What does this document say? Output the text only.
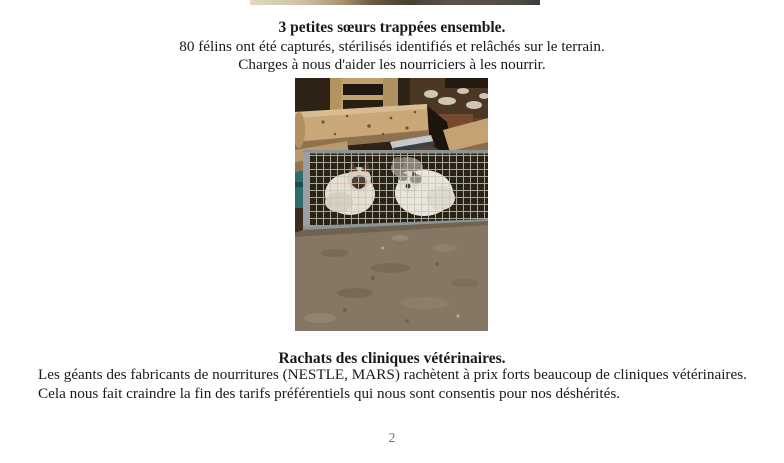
3 petites sœurs trappées ensemble.
80 félins ont été capturés, stérilisés identifiés et relâchés sur le terrain.
Charges à nous d'aider les nourriciers à les nourrir.
Rachats des cliniques vétérinaires.

Les géants des fabricants de nourritures (NESTLE, MARS) rachètent à prix forts beaucoup de cliniques vétérinaires.

Cela nous fait craindre la fin des tarifs préférentiels qui nous sont consentis pour nos déshérités.

2
